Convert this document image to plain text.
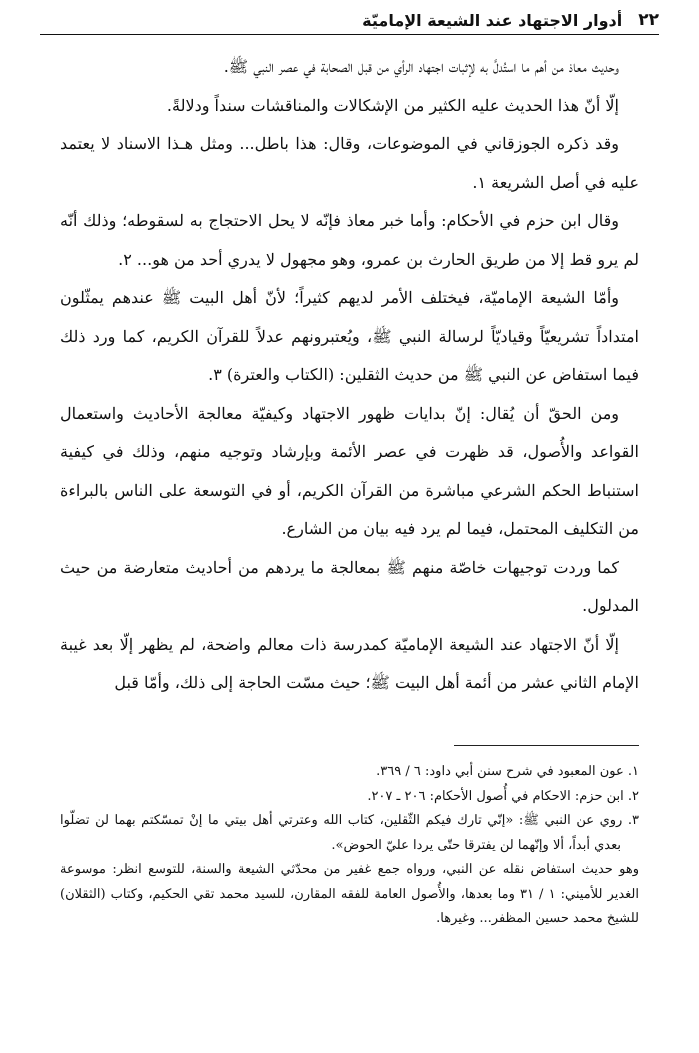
٢٢
أدوار الاجتهاد عند الشيعة الإماميّة

وحديث معاذ من أهم ما استُدلَّ به لإثبات اجتهاد الرأي من قبل الصحابة في عصر النبي ﷺ.

إلّا أنّ هذا الحديث عليه الكثير من الإشكالات والمناقشات سنداً ودلالةً.

وقد ذكره الجوزقاني في الموضوعات، وقال: هذا باطل... ومثل هـذا الاسناد لا يعتمد عليه في أصل الشريعة ١.

وقال ابن حزم في الأحكام: وأما خبر معاذ فإنّه لا يحل الاحتجاج به لسقوطه؛ وذلك أنّه لم يرو قط إلا من طريق الحارث بن عمرو، وهو مجهول لا يدري أحد من هو... ٢.

وأمّا الشيعة الإماميّة، فيختلف الأمر لديهم كثيراً؛ لأنّ أهل البيت ﷺ عندهم يمثّلون امتداداً تشريعيّاً وقياديّاً لرسالة النبي ﷺ، ويُعتبرونهم عدلاً للقرآن الكريم، كما ورد ذلك فيما استفاض عن النبي ﷺ من حديث الثقلين: (الكتاب والعترة) ٣.

ومن الحقّ أن يُقال: إنّ بدايات ظهور الاجتهاد وكيفيّة معالجة الأحاديث واستعمال القواعد والأُصول، قد ظهرت في عصر الأئمة وبإرشاد وتوجيه منهم، وذلك في كيفية استنباط الحكم الشرعي مباشرة من القرآن الكريم، أو في التوسعة على الناس بالبراءة من التكليف المحتمل، فيما لم يرد فيه بيان من الشارع.

كما وردت توجيهات خاصّة منهم ﷺ بمعالجة ما يردهم من أحاديث متعارضة من حيث المدلول.

إلّا أنّ الاجتهاد عند الشيعة الإماميّة كمدرسة ذات معالم واضحة، لم يظهر إلّا بعد غيبة الإمام الثاني عشر من أئمة أهل البيت ﷺ؛ حيث مسّت الحاجة إلى ذلك، وأمّا قبل

١. عون المعبود في شرح سنن أبي داود: ٦ / ٣٦٩.

٢. ابن حزم: الاحكام في أُصول الأحكام: ٢٠٦ ـ ٢٠٧.

٣. روي عن النبي ﷺ: «إنّي تارك فيكم الثّقلين، كتاب الله وعترتي أهل بيتي ما إنْ تمسّكتم بهما لن تضلّوا بعدي أبداً، ألا وإنّهما لن يفترقا حتّى يردا عليّ الحوض».

وهو حديث استفاض نقله عن النبي، ورواه جمع غفير من محدّثي الشيعة والسنة، للتوسع انظر: موسوعة الغدير للأميني: ١ / ٣١ وما بعدها، والأُصول العامة للفقه المقارن، للسيد محمد تقي الحكيم، وكتاب (الثقلان) للشيخ محمد حسين المظفر... وغيرها.
